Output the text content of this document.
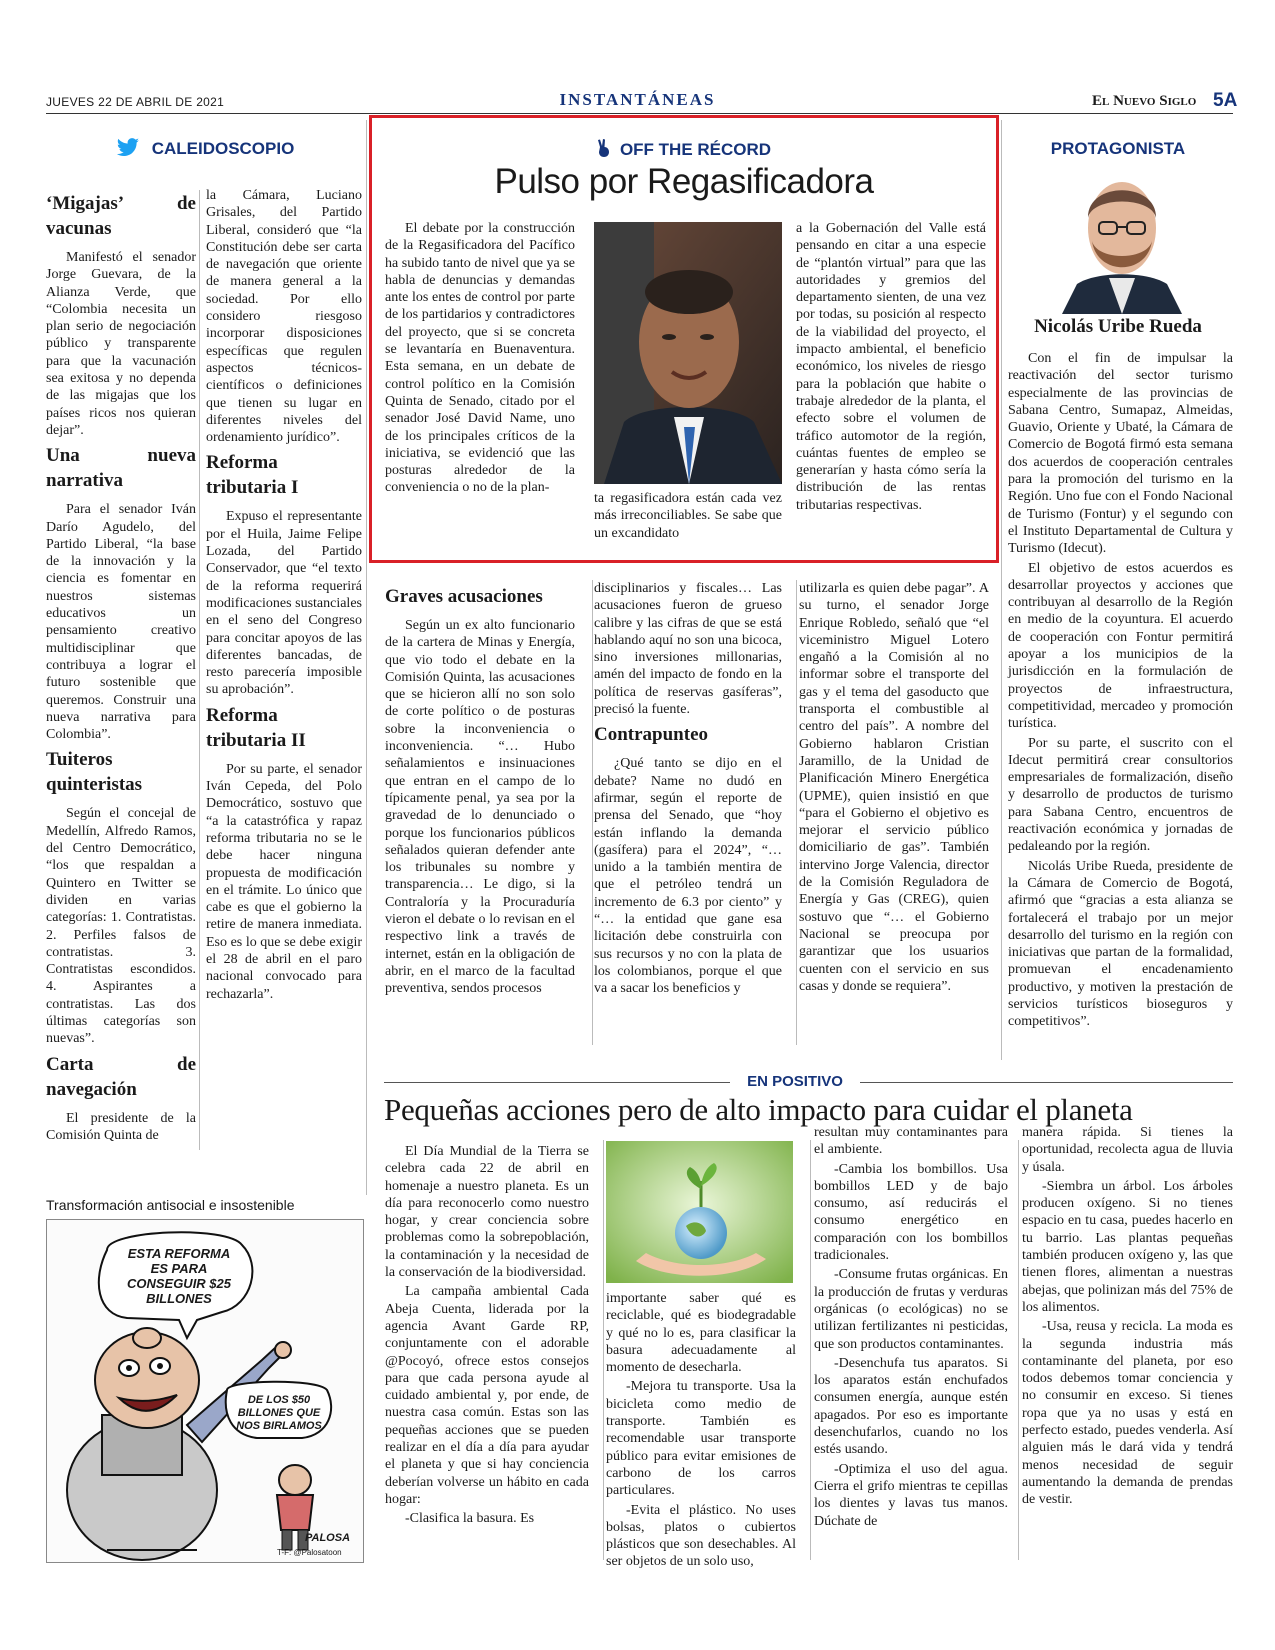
JUEVES 22 DE ABRIL DE 2021	INSTANTÁNEAS	El Nuevo Siglo 5A
CALEIDOSCOPIO
‘Migajas’ de vacunas

Manifestó el senador Jorge Guevara, de la Alianza Verde, que “Colombia necesita un plan serio de negociación público y transparente para que la vacunación sea exitosa y no dependa de las migajas que los países ricos nos quieran dejar”.

Una nueva narrativa

Para el senador Iván Darío Agudelo, del Partido Liberal, “la base de la innovación y la ciencia es fomentar en nuestros sistemas educativos un pensamiento creativo multidisciplinar que contribuya a lograr el futuro sostenible que queremos. Construir una nueva narrativa para Colombia”.

Tuiteros quinteristas

Según el concejal de Medellín, Alfredo Ramos, del Centro Democrático, “los que respaldan a Quintero en Twitter se dividen en varias categorías: 1. Contratistas. 2. Perfiles falsos de contratistas. 3. Contratistas escondidos. 4. Aspirantes a contratistas. Las dos últimas categorías son nuevas”.

Carta de navegación

El presidente de la Comisión Quinta de

la Cámara, Luciano Grisales, del Partido Liberal, consideró que “la Constitución debe ser carta de navegación que oriente de manera general a la sociedad. Por ello considero riesgoso incorporar disposiciones específicas que regulen aspectos técnicos-científicos o definiciones que tienen su lugar en diferentes niveles del ordenamiento jurídico”.

Reforma tributaria I

Expuso el representante por el Huila, Jaime Felipe Lozada, del Partido Conservador, que “el texto de la reforma requerirá modificaciones sustanciales en el seno del Congreso para concitar apoyos de las diferentes bancadas, de resto parecería imposible su aprobación”.

Reforma tributaria II

Por su parte, el senador Iván Cepeda, del Polo Democrático, sostuvo que “a la catastrófica y rapaz reforma tributaria no se le debe hacer ninguna propuesta de modificación en el trámite. Lo único que cabe es que el gobierno la retire de manera inmediata. Eso es lo que se debe exigir el 28 de abril en el paro nacional convocado para rechazarla”.

Transformación antisocial e insostenible
ESTA REFORMA ES PARA CONSEGUIR $25 BILLONES
DE LOS $50 BILLONES QUE NOS BIRLAMOS
PALOSA
T-F: @Palosatoon
OFF THE RÉCORD
Pulso por Regasificadora

El debate por la construcción de la Regasificadora del Pacífico ha subido tanto de nivel que ya se habla de denuncias y demandas ante los entes de control por parte de los partidarios y contradictores del proyecto, que si se concreta se levantaría en Buenaventura. Esta semana, en un debate de control político en la Comisión Quinta de Senado, citado por el senador José David Name, uno de los principales críticos de la iniciativa, se evidenció que las posturas alrededor de la conveniencia o no de la plan-

ta regasificadora están cada vez más irreconciliables. Se sabe que un excandidato

a la Gobernación del Valle está pensando en citar a una especie de “plantón virtual” para que las autoridades y gremios del departamento sienten, de una vez por todas, su posición al respecto de la viabilidad del proyecto, el impacto ambiental, el beneficio económico, los niveles de riesgo para la población que habite o trabaje alrededor de la planta, el efecto sobre el volumen de tráfico automotor de la región, cuántas fuentes de empleo se generarían y hasta cómo sería la distribución de las rentas tributarias respectivas.

Graves acusaciones

Según un ex alto funcionario de la cartera de Minas y Energía, que vio todo el debate en la Comisión Quinta, las acusaciones que se hicieron allí no son solo de corte político o de posturas sobre la inconveniencia o inconveniencia. “… Hubo señalamientos e insinuaciones que entran en el campo de lo típicamente penal, ya sea por la gravedad de lo denunciado o porque los funcionarios públicos señalados quieran defender ante los tribunales su nombre y transparencia… Le digo, si la Contraloría y la Procuraduría vieron el debate o lo revisan en el respectivo link a través de internet, están en la obligación de abrir, en el marco de la facultad preventiva, sendos procesos

disciplinarios y fiscales… Las acusaciones fueron de grueso calibre y las cifras de que se está hablando aquí no son una bicoca, sino inversiones millonarias, amén del impacto de fondo en la política de reservas gasíferas”, precisó la fuente.

Contrapunteo

¿Qué tanto se dijo en el debate? Name no dudó en afirmar, según el reporte de prensa del Senado, que “hoy están inflando la demanda (gasífera) para el 2024”, “… unido a la también mentira de que el petróleo tendrá un incremento de 6.3 por ciento” y “… la entidad que gane esa licitación debe construirla con sus recursos y no con la plata de los colombianos, porque el que va a sacar los beneficios y

utilizarla es quien debe pagar”. A su turno, el senador Jorge Enrique Robledo, señaló que “el viceministro Miguel Lotero engañó a la Comisión al no informar sobre el transporte del gas y el tema del gasoducto que transporta el combustible al centro del país”. A nombre del Gobierno hablaron Cristian Jaramillo, de la Unidad de Planificación Minero Energética (UPME), quien insistió en que “para el Gobierno el objetivo es mejorar el servicio público domiciliario de gas”. También intervino Jorge Valencia, director de la Comisión Reguladora de Energía y Gas (CREG), quien sostuvo que “… el Gobierno Nacional se preocupa por garantizar que los usuarios cuenten con el servicio en sus casas y donde se requiera”.

PROTAGONISTA
Nicolás Uribe Rueda

Con el fin de impulsar la reactivación del sector turismo especialmente de las provincias de Sabana Centro, Sumapaz, Almeidas, Guavio, Oriente y Ubaté, la Cámara de Comercio de Bogotá firmó esta semana dos acuerdos de cooperación centrales para la promoción del turismo en la Región. Uno fue con el Fondo Nacional de Turismo (Fontur) y el segundo con el Instituto Departamental de Cultura y Turismo (Idecut).

El objetivo de estos acuerdos es desarrollar proyectos y acciones que contribuyan al desarrollo de la Región en medio de la coyuntura. El acuerdo de cooperación con Fontur permitirá apoyar a los municipios de la jurisdicción en la formulación de proyectos de infraestructura, competitividad, mercadeo y promoción turística.

Por su parte, el suscrito con el Idecut permitirá crear consultorios empresariales de formalización, diseño y desarrollo de productos de turismo para Sabana Centro, encuentros de reactivación económica y jornadas de pedaleando por la región.

Nicolás Uribe Rueda, presidente de la Cámara de Comercio de Bogotá, afirmó que “gracias a esta alianza se fortalecerá el trabajo por un mejor desarrollo del turismo en la región con iniciativas que partan de la formalidad, promuevan el encadenamiento productivo, y motiven la prestación de servicios turísticos bioseguros y competitivos”.

EN POSITIVO
Pequeñas acciones pero de alto impacto para cuidar el planeta

El Día Mundial de la Tierra se celebra cada 22 de abril en homenaje a nuestro planeta. Es un día para reconocerlo como nuestro hogar, y crear conciencia sobre problemas como la sobrepoblación, la contaminación y la necesidad de la conservación de la biodiversidad.

La campaña ambiental Cada Abeja Cuenta, liderada por la agencia Avant Garde RP, conjuntamente con el adorable @Pocoyó, ofrece estos consejos para que cada persona ayude al cuidado ambiental y, por ende, de nuestra casa común. Estas son las pequeñas acciones que se pueden realizar en el día a día para ayudar el planeta y que si hay conciencia deberían volverse un hábito en cada hogar:

-Clasifica la basura. Es

importante saber qué es reciclable, qué es biodegradable y qué no lo es, para clasificar la basura adecuadamente al momento de desecharla.

-Mejora tu transporte. Usa la bicicleta como medio de transporte. También es recomendable usar transporte público para evitar emisiones de carbono de los carros particulares.

-Evita el plástico. No uses bolsas, platos o cubiertos plásticos que son desechables. Al ser objetos de un solo uso,

resultan muy contaminantes para el ambiente.

-Cambia los bombillos. Usa bombillos LED y de bajo consumo, así reducirás el consumo energético en comparación con los bombillos tradicionales.

-Consume frutas orgánicas. En la producción de frutas y verduras orgánicas (o ecológicas) no se utilizan fertilizantes ni pesticidas, que son productos contaminantes.

-Desenchufa tus aparatos. Si los aparatos están enchufados consumen energía, aunque estén apagados. Por eso es importante desenchufarlos, cuando no los estés usando.

-Optimiza el uso del agua. Cierra el grifo mientras te cepillas los dientes y lavas tus manos. Dúchate de

manera rápida. Si tienes la oportunidad, recolecta agua de lluvia y úsala.

-Siembra un árbol. Los árboles producen oxígeno. Si no tienes espacio en tu casa, puedes hacerlo en tu barrio. Las plantas pequeñas también producen oxígeno y, las que tienen flores, alimentan a nuestras abejas, que polinizan más del 75% de los alimentos.

-Usa, reusa y recicla. La moda es la segunda industria más contaminante del planeta, por eso todos debemos tomar conciencia y no consumir en exceso. Si tienes ropa que ya no usas y está en perfecto estado, puedes venderla. Así alguien más le dará vida y tendrá menos necesidad de seguir aumentando la demanda de prendas de vestir.
